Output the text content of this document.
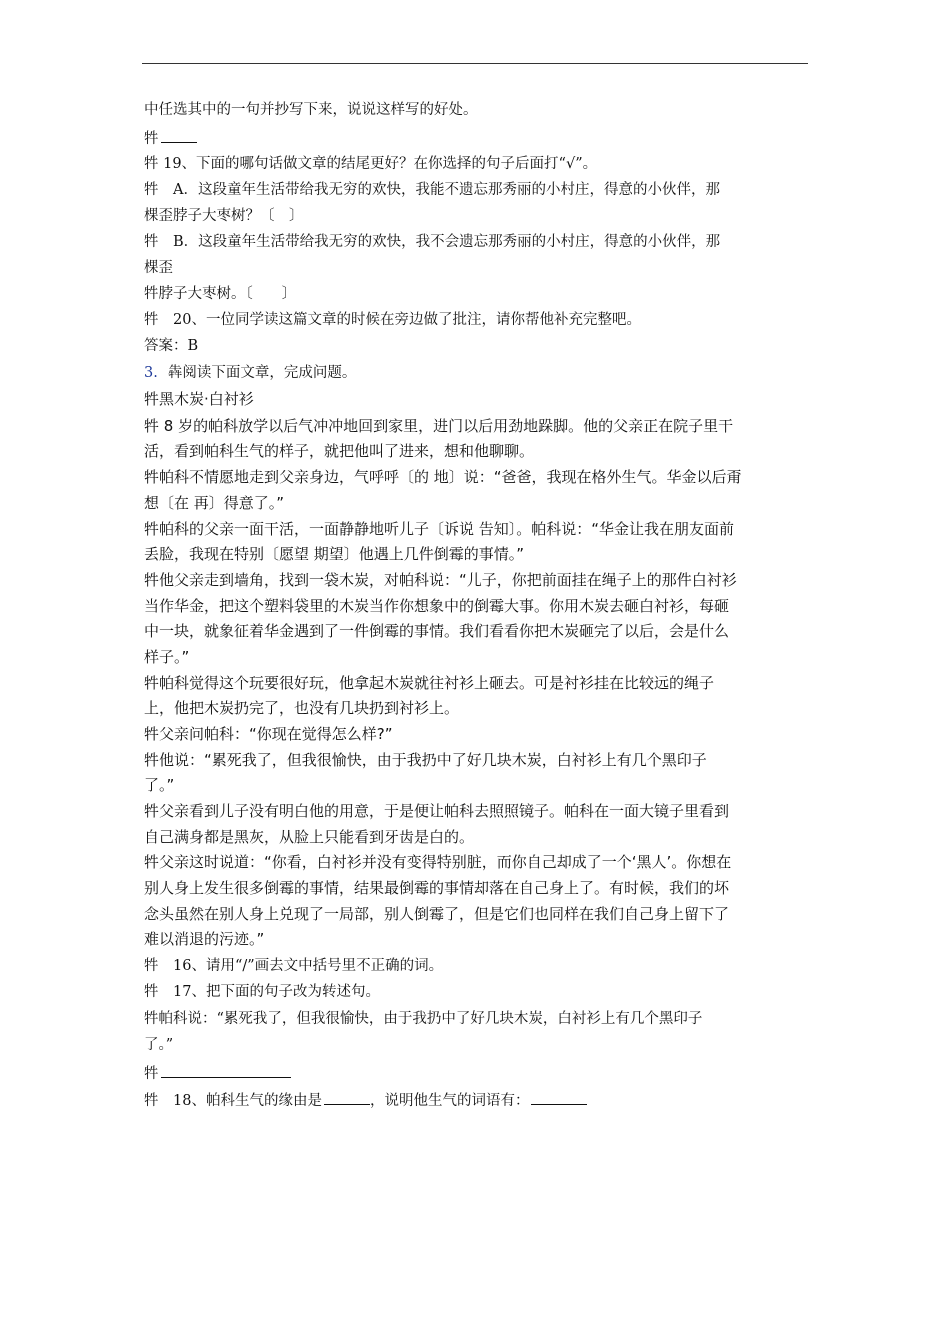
中任选其中的一句并抄写下来，说说这样写的好处。
牪
牪 19、下面的哪句话做文章的结尾更好？在你选择的句子后面打“√”。
牪　A．这段童年生活带给我无穷的欢快，我能不遗忘那秀丽的小村庄，得意的小伙伴，那
棵歪脖子大枣树？〔　〕
牪　B．这段童年生活带给我无穷的欢快，我不会遗忘那秀丽的小村庄，得意的小伙伴，那
棵歪
牪脖子大枣树。〔　　〕
牪　20、一位同学读这篇文章的时候在旁边做了批注，请你帮他补充完整吧。
答案：B
3. 犇阅读下面文章，完成问题。
牪黑木炭·白衬衫
牪 8 岁的帕科放学以后气冲冲地回到家里，进门以后用劲地跺脚。他的父亲正在院子里干
活，看到帕科生气的样子，就把他叫了进来，想和他聊聊。
牪帕科不情愿地走到父亲身边，气呼呼〔的 地〕说：“爸爸，我现在格外生气。华金以后甭
想〔在 再〕得意了。”
牪帕科的父亲一面干活，一面静静地听儿子〔诉说 告知〕。帕科说：“华金让我在朋友面前
丢脸，我现在特别〔愿望 期望〕他遇上几件倒霉的事情。”
牪他父亲走到墙角，找到一袋木炭，对帕科说：“儿子，你把前面挂在绳子上的那件白衬衫
当作华金，把这个塑料袋里的木炭当作你想象中的倒霉大事。你用木炭去砸白衬衫，每砸
中一块，就象征着华金遇到了一件倒霉的事情。我们看看你把木炭砸完了以后，会是什么
样子。”
牪帕科觉得这个玩要很好玩，他拿起木炭就往衬衫上砸去。可是衬衫挂在比较远的绳子
上，他把木炭扔完了，也没有几块扔到衬衫上。
牪父亲问帕科：“你现在觉得怎么样?”
牪他说：“累死我了，但我很愉快，由于我扔中了好几块木炭，白衬衫上有几个黑印子
了。”
牪父亲看到儿子没有明白他的用意，于是便让帕科去照照镜子。帕科在一面大镜子里看到
自己满身都是黑灰，从脸上只能看到牙齿是白的。
牪父亲这时说道：“你看，白衬衫并没有变得特别脏，而你自己却成了一个‘黑人’。你想在
别人身上发生很多倒霉的事情，结果最倒霉的事情却落在自己身上了。有时候，我们的坏
念头虽然在别人身上兑现了一局部，别人倒霉了，但是它们也同样在我们自己身上留下了
难以消退的污迹。”
牪　16、请用“/”画去文中括号里不正确的词。
牪　17、把下面的句子改为转述句。
牪帕科说：“累死我了，但我很愉快，由于我扔中了好几块木炭，白衬衫上有几个黑印子
了。”
牪
牪　18、帕科生气的缘由是	，说明他生气的词语有：
